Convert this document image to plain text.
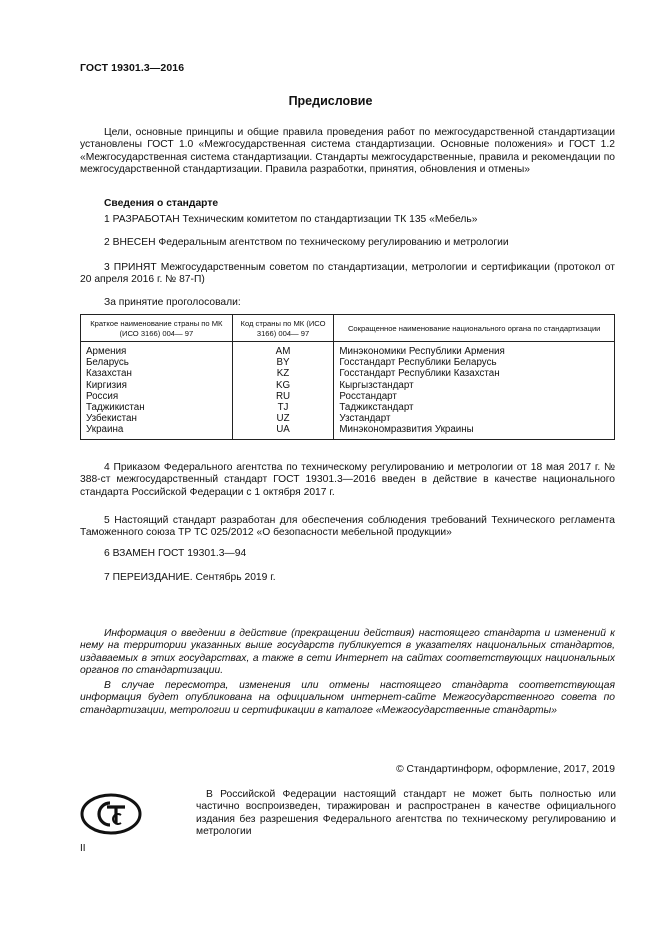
ГОСТ 19301.3—2016
Предисловие

Цели, основные принципы и общие правила проведения работ по межгосударственной стандартизации установлены ГОСТ 1.0 «Межгосударственная система стандартизации. Основные положения» и ГОСТ 1.2 «Межгосударственная система стандартизации. Стандарты межгосударственные, правила и рекомендации по межгосударственной стандартизации. Правила разработки, принятия, обновления и отмены»

Сведения о стандарте

1 РАЗРАБОТАН Техническим комитетом по стандартизации ТК 135 «Мебель»

2 ВНЕСЕН Федеральным агентством по техническому регулированию и метрологии

3 ПРИНЯТ Межгосударственным советом по стандартизации, метрологии и сертификации (протокол от 20 апреля 2016 г. № 87-П)

За принятие проголосовали:

Краткое наименование страны по МК (ИСО 3166) 004— 97	Код страны по МК (ИСО 3166) 004— 97	Сокращенное наименование национального органа по стандартизации
Армения	AM	Минэкономики Республики Армения
Беларусь	BY	Госстандарт Республики Беларусь
Казахстан	KZ	Госстандарт Республики Казахстан
Киргизия	KG	Кыргызстандарт
Россия	RU	Росстандарт
Таджикистан	TJ	Таджикстандарт
Узбекистан	UZ	Узстандарт
Украина	UA	Минэкономразвития Украины

4 Приказом Федерального агентства по техническому регулированию и метрологии от 18 мая 2017 г. № 388-ст межгосударственный стандарт ГОСТ 19301.3—2016 введен в действие в качестве национального стандарта Российской Федерации с 1 октября 2017 г.

5 Настоящий стандарт разработан для обеспечения соблюдения требований Технического регламента Таможенного союза ТР ТС 025/2012 «О безопасности мебельной продукции»

6 ВЗАМЕН ГОСТ 19301.3—94

7 ПЕРЕИЗДАНИЕ. Сентябрь 2019 г.

Информация о введении в действие (прекращении действия) настоящего стандарта и изменений к нему на территории указанных выше государств публикуется в указателях национальных стандартов, издаваемых в этих государствах, а также в сети Интернет на сайтах соответствующих национальных органов по стандартизации.

В случае пересмотра, изменения или отмены настоящего стандарта соответствующая информация будет опубликована на официальном интернет-сайте Межгосударственного совета по стандартизации, метрологии и сертификации в каталоге «Межгосударственные стандарты»

© Стандартинформ, оформление, 2017, 2019

В Российской Федерации настоящий стандарт не может быть полностью или частично воспроизведен, тиражирован и распространен в качестве официального издания без разрешения Федерального агентства по техническому регулированию и метрологии

II
